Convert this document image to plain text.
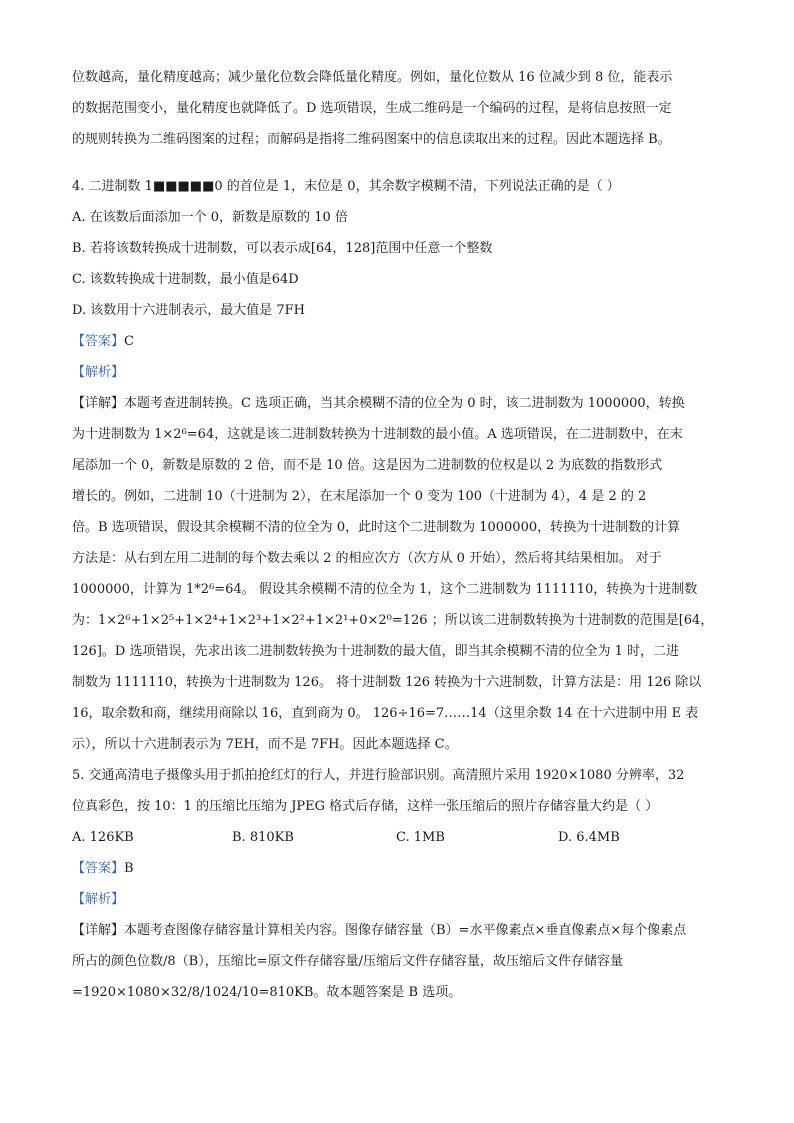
位数越高，量化精度越高；减少量化位数会降低量化精度。例如，量化位数从 16 位减少到 8 位，能表示

的数据范围变小，量化精度也就降低了。D 选项错误，生成二维码是一个编码的过程，是将信息按照一定

的规则转换为二维码图案的过程；而解码是指将二维码图案中的信息读取出来的过程。因此本题选择 B。

4. 二进制数 1■■■■■0 的首位是 1，末位是 0，其余数字模糊不清，下列说法正确的是（ ）

A. 在该数后面添加一个 0，新数是原数的 10 倍

B. 若将该数转换成十进制数，可以表示成[64，128]范围中任意一个整数

C. 该数转换成十进制数，最小值是64D

D. 该数用十六进制表示，最大值是 7FH

【答案】C

【解析】

【详解】本题考查进制转换。C 选项正确，当其余模糊不清的位全为 0 时，该二进制数为 1000000，转换

为十进制数为 1×2⁶=64，这就是该二进制数转换为十进制数的最小值。A 选项错误，在二进制数中，在末

尾添加一个 0，新数是原数的 2 倍，而不是 10 倍。这是因为二进制数的位权是以 2 为底数的指数形式

增长的。例如，二进制 10（十进制为 2），在末尾添加一个 0 变为 100（十进制为 4），4 是 2 的 2

倍。B 选项错误，假设其余模糊不清的位全为 0，此时这个二进制数为 1000000，转换为十进制数的计算

方法是：从右到左用二进制的每个数去乘以 2 的相应次方（次方从 0 开始），然后将其结果相加。 对于

1000000，计算为 1*2⁶=64。 假设其余模糊不清的位全为 1，这个二进制数为 1111110，转换为十进制数

为：1×2⁶+1×2⁵+1×2⁴+1×2³+1×2²+1×2¹+0×2⁰=126 ；所以该二进制数转换为十进制数的范围是[64，

126]。D 选项错误，先求出该二进制数转换为十进制数的最大值，即当其余模糊不清的位全为 1 时，二进

制数为 1111110，转换为十进制数为 126。 将十进制数 126 转换为十六进制数，计算方法是：用 126 除以

16，取余数和商，继续用商除以 16，直到商为 0。 126÷16=7……14（这里余数 14 在十六进制中用 E 表

示），所以十六进制表示为 7EH，而不是 7FH。因此本题选择 C。

5. 交通高清电子摄像头用于抓拍抢红灯的行人，并进行脸部识别。高清照片采用 1920×1080 分辨率，32

位真彩色，按 10：1 的压缩比压缩为 JPEG 格式后存储，这样一张压缩后的照片存储容量大约是（ ）

A. 126KB	B. 810KB	C. 1MB	D. 6.4MB

【答案】B

【解析】

【详解】本题考查图像存储容量计算相关内容。图像存储容量（B）=水平像素点×垂直像素点×每个像素点

所占的颜色位数/8（B），压缩比=原文件存储容量/压缩后文件存储容量，故压缩后文件存储容量

=1920×1080×32/8/1024/10=810KB。故本题答案是 B 选项。
